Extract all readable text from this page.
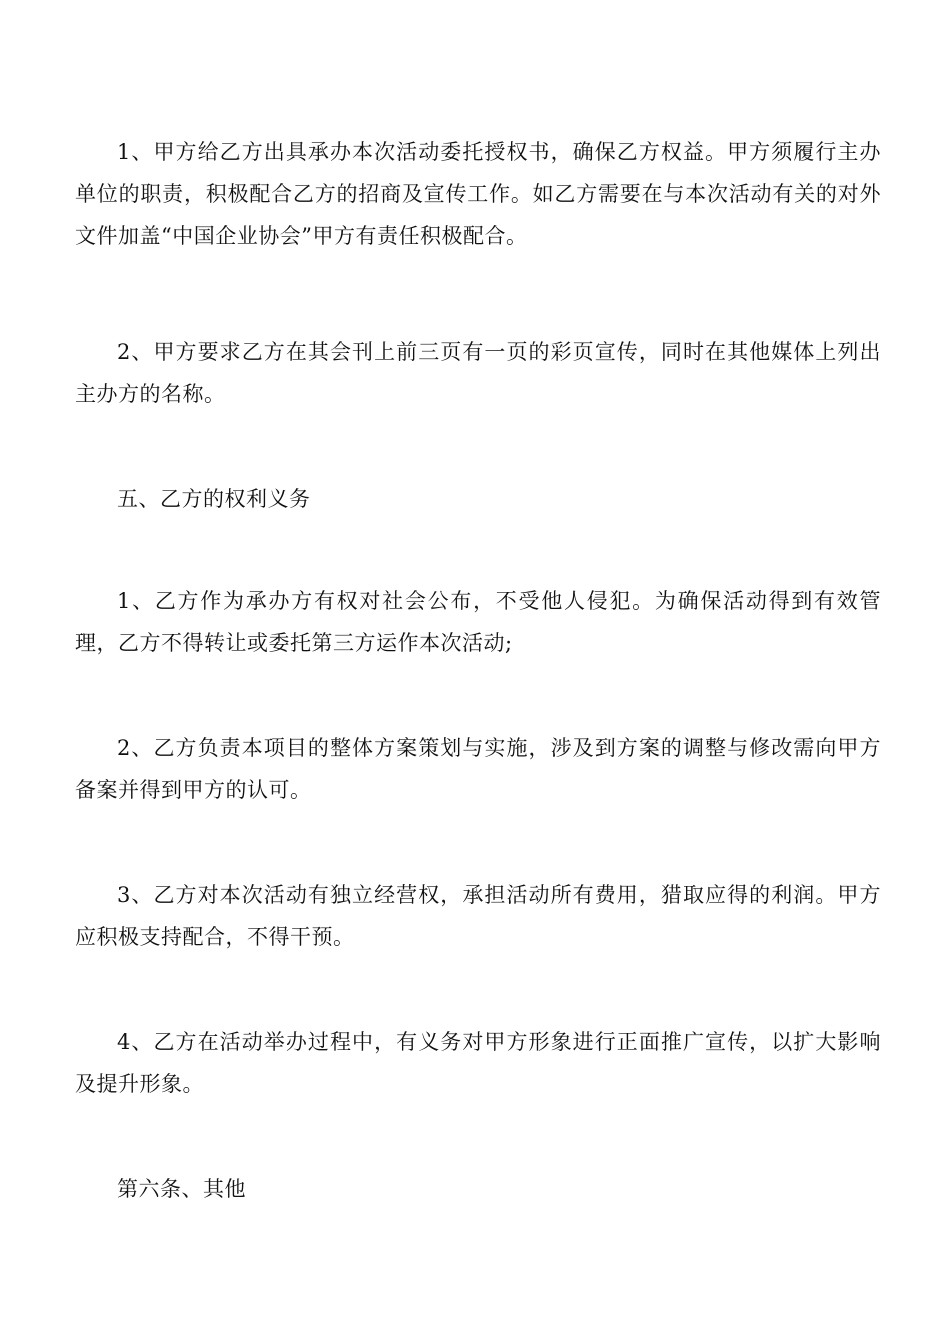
1、甲方给乙方出具承办本次活动委托授权书，确保乙方权益。甲方须履行主办单位的职责，积极配合乙方的招商及宣传工作。如乙方需要在与本次活动有关的对外文件加盖“中国企业协会”甲方有责任积极配合。

2、甲方要求乙方在其会刊上前三页有一页的彩页宣传，同时在其他媒体上列出主办方的名称。

五、乙方的权利义务

1、乙方作为承办方有权对社会公布，不受他人侵犯。为确保活动得到有效管理，乙方不得转让或委托第三方运作本次活动;

2、乙方负责本项目的整体方案策划与实施，涉及到方案的调整与修改需向甲方备案并得到甲方的认可。

3、乙方对本次活动有独立经营权，承担活动所有费用，猎取应得的利润。甲方应积极支持配合，不得干预。

4、乙方在活动举办过程中，有义务对甲方形象进行正面推广宣传，以扩大影响及提升形象。

第六条、其他
